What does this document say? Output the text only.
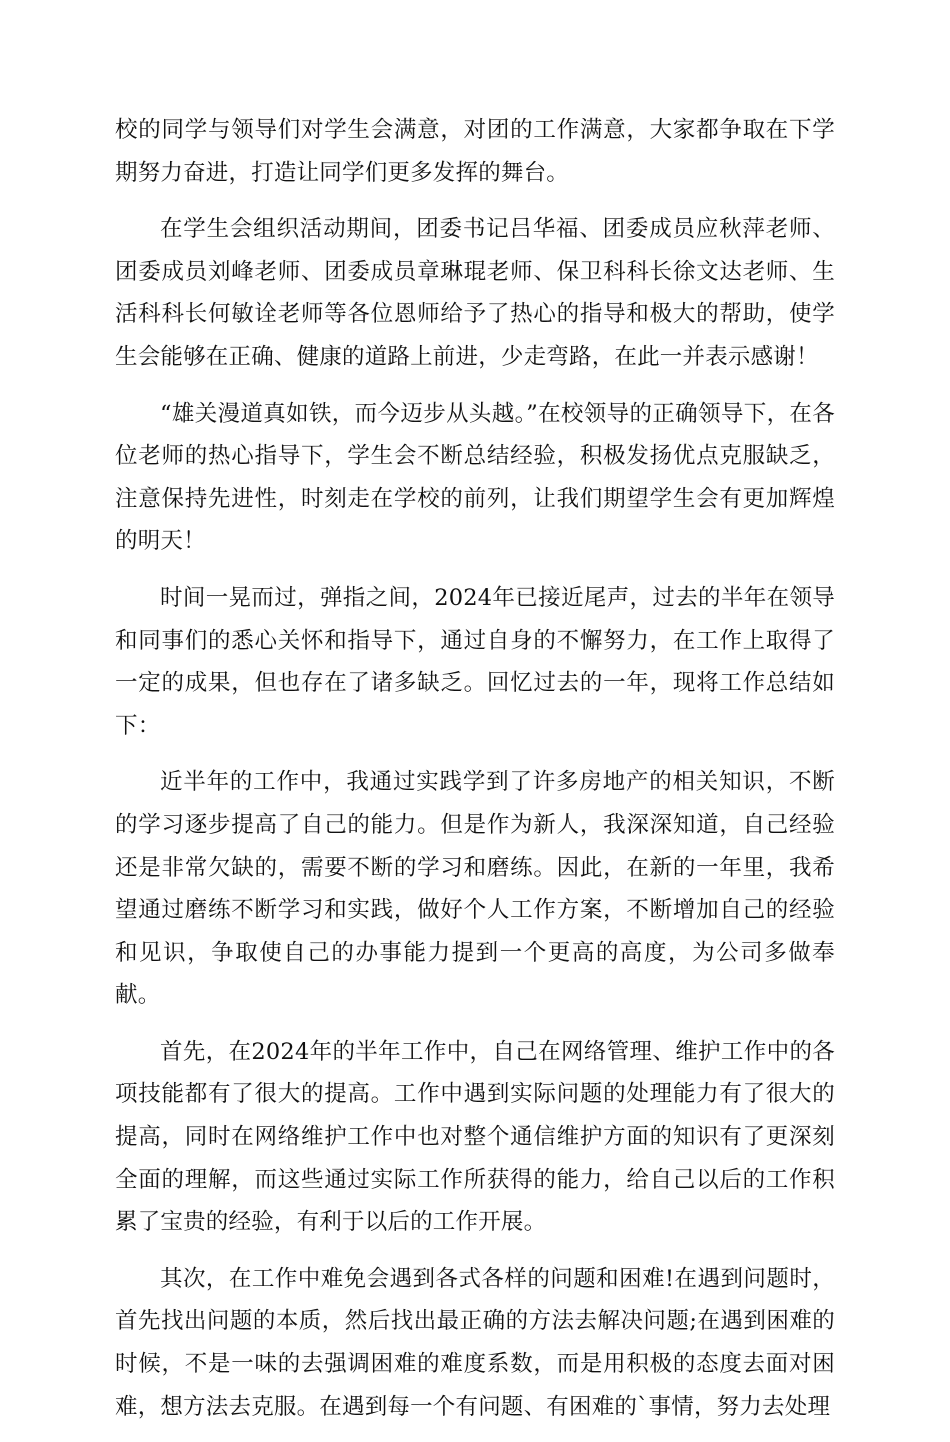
校的同学与领导们对学生会满意，对团的工作满意，大家都争取在下学期努力奋进，打造让同学们更多发挥的舞台。

在学生会组织活动期间，团委书记吕华福、团委成员应秋萍老师、团委成员刘峰老师、团委成员章琳琨老师、保卫科科长徐文达老师、生活科科长何敏诠老师等各位恩师给予了热心的指导和极大的帮助，使学生会能够在正确、健康的道路上前进，少走弯路，在此一并表示感谢！

“雄关漫道真如铁，而今迈步从头越。”在校领导的正确领导下，在各位老师的热心指导下，学生会不断总结经验，积极发扬优点克服缺乏，注意保持先进性，时刻走在学校的前列，让我们期望学生会有更加辉煌的明天！

时间一晃而过，弹指之间，2024年已接近尾声，过去的半年在领导和同事们的悉心关怀和指导下，通过自身的不懈努力，在工作上取得了一定的成果，但也存在了诸多缺乏。回忆过去的一年，现将工作总结如下：

近半年的工作中，我通过实践学到了许多房地产的相关知识，不断的学习逐步提高了自己的能力。但是作为新人，我深深知道，自己经验还是非常欠缺的，需要不断的学习和磨练。因此，在新的一年里，我希望通过磨练不断学习和实践，做好个人工作方案，不断增加自己的经验和见识，争取使自己的办事能力提到一个更高的高度，为公司多做奉献。

首先，在2024年的半年工作中，自己在网络管理、维护工作中的各项技能都有了很大的提高。工作中遇到实际问题的处理能力有了很大的提高，同时在网络维护工作中也对整个通信维护方面的知识有了更深刻全面的理解，而这些通过实际工作所获得的能力，给自己以后的工作积累了宝贵的经验，有利于以后的工作开展。

其次，在工作中难免会遇到各式各样的问题和困难!在遇到问题时，首先找出问题的本质，然后找出最正确的方法去解决问题;在遇到困难的时候，不是一味的去强调困难的难度系数，而是用积极的态度去面对困难，想方法去克服。在遇到每一个有问题、有困难的`事情，努力去处理
